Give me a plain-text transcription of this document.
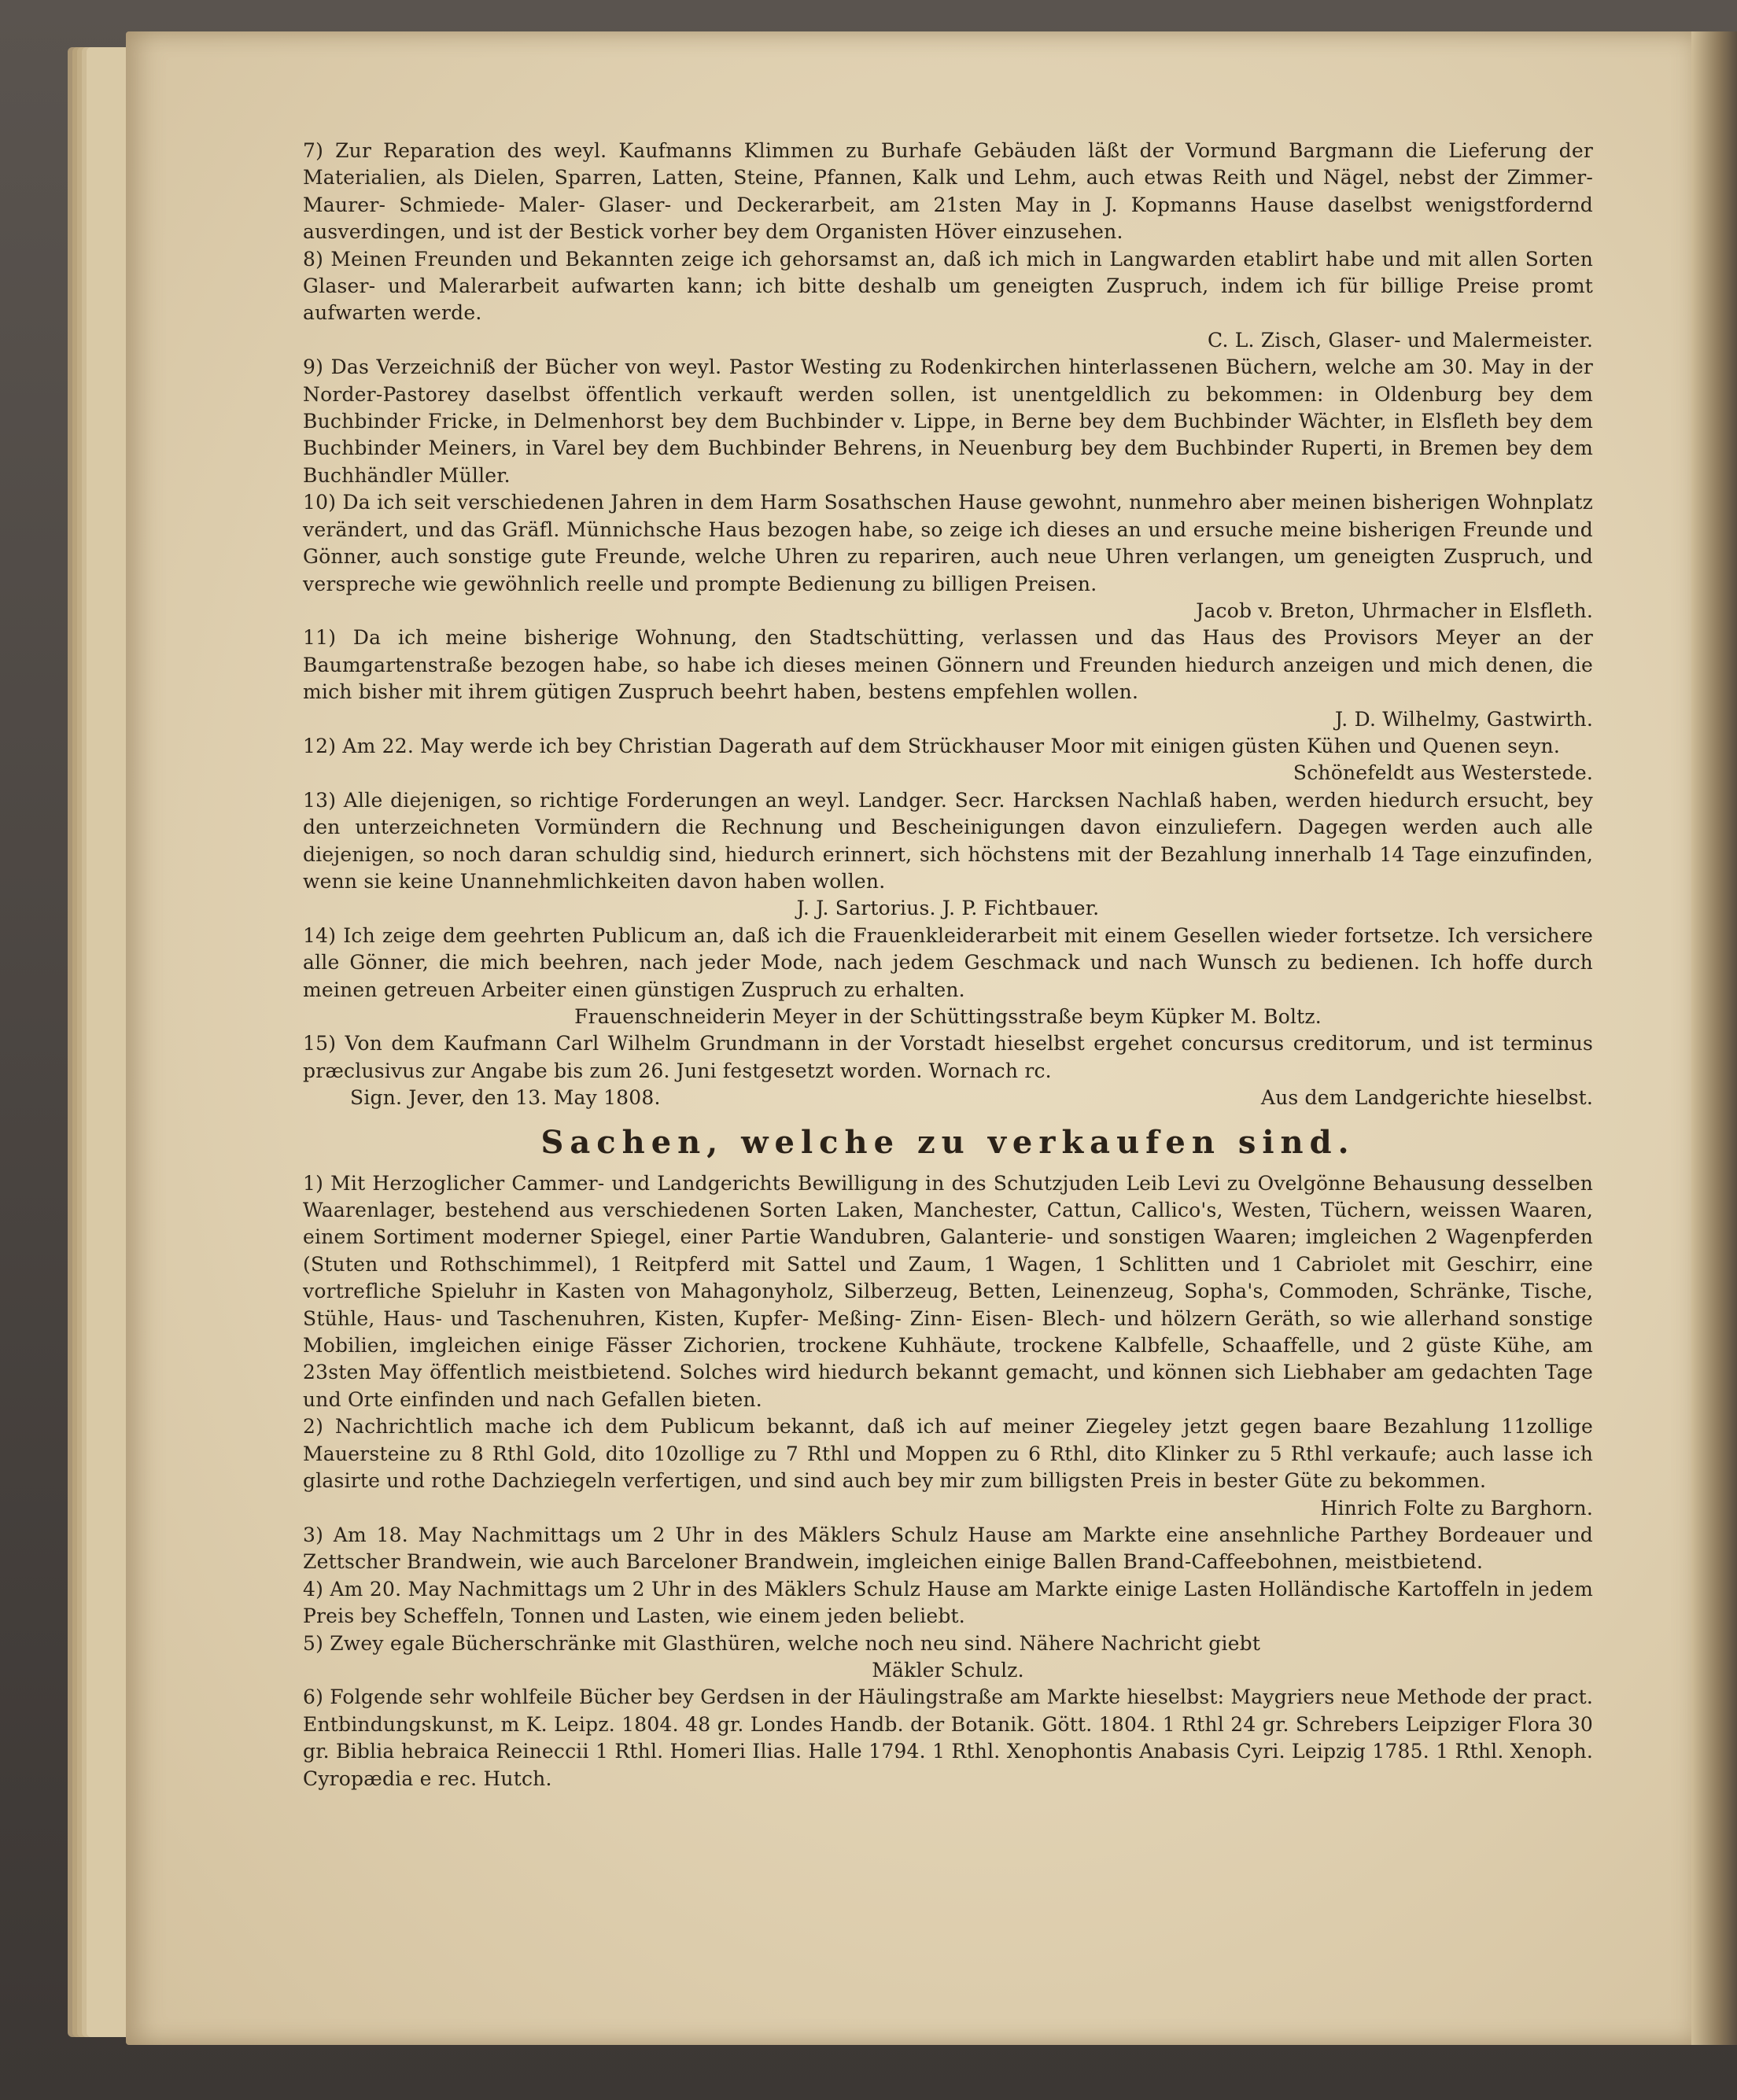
7) Zur Reparation des weyl. Kaufmanns Klimmen zu Burhafe Gebäuden läßt der Vormund Bargmann die Lieferung der Materialien, als Dielen, Sparren, Latten, Steine, Pfannen, Kalk und Lehm, auch etwas Reith und Nägel, nebst der Zimmer- Maurer- Schmiede- Maler- Glaser- und Deckerarbeit, am 21sten May in J. Kopmanns Hause daselbst wenigstfordernd ausverdingen, und ist der Bestick vorher bey dem Organisten Höver einzusehen.

8) Meinen Freunden und Bekannten zeige ich gehorsamst an, daß ich mich in Langwarden etablirt habe und mit allen Sorten Glaser- und Malerarbeit aufwarten kann; ich bitte deshalb um geneigten Zuspruch, indem ich für billige Preise promt aufwarten werde.

C. L. Zisch, Glaser- und Malermeister.

9) Das Verzeichniß der Bücher von weyl. Pastor Westing zu Rodenkirchen hinterlassenen Büchern, welche am 30. May in der Norder-Pastorey daselbst öffentlich verkauft werden sollen, ist unentgeldlich zu bekommen: in Oldenburg bey dem Buchbinder Fricke, in Delmenhorst bey dem Buchbinder v. Lippe, in Berne bey dem Buchbinder Wächter, in Elsfleth bey dem Buchbinder Meiners, in Varel bey dem Buchbinder Behrens, in Neuenburg bey dem Buchbinder Ruperti, in Bremen bey dem Buchhändler Müller.

10) Da ich seit verschiedenen Jahren in dem Harm Sosathschen Hause gewohnt, nunmehro aber meinen bisherigen Wohnplatz verändert, und das Gräfl. Münnichsche Haus bezogen habe, so zeige ich dieses an und ersuche meine bisherigen Freunde und Gönner, auch sonstige gute Freunde, welche Uhren zu repariren, auch neue Uhren verlangen, um geneigten Zuspruch, und verspreche wie gewöhnlich reelle und prompte Bedienung zu billigen Preisen.

Jacob v. Breton, Uhrmacher in Elsfleth.

11) Da ich meine bisherige Wohnung, den Stadtschütting, verlassen und das Haus des Provisors Meyer an der Baumgartenstraße bezogen habe, so habe ich dieses meinen Gönnern und Freunden hiedurch anzeigen und mich denen, die mich bisher mit ihrem gütigen Zuspruch beehrt haben, bestens empfehlen wollen.

J. D. Wilhelmy, Gastwirth.

12) Am 22. May werde ich bey Christian Dagerath auf dem Strückhauser Moor mit einigen güsten Kühen und Quenen seyn.

Schönefeldt aus Westerstede.

13) Alle diejenigen, so richtige Forderungen an weyl. Landger. Secr. Harcksen Nachlaß haben, werden hiedurch ersucht, bey den unterzeichneten Vormündern die Rechnung und Bescheinigungen davon einzuliefern. Dagegen werden auch alle diejenigen, so noch daran schuldig sind, hiedurch erinnert, sich höchstens mit der Bezahlung innerhalb 14 Tage einzufinden, wenn sie keine Unannehmlichkeiten davon haben wollen.

J. J. Sartorius. J. P. Fichtbauer.

14) Ich zeige dem geehrten Publicum an, daß ich die Frauenkleiderarbeit mit einem Gesellen wieder fortsetze. Ich versichere alle Gönner, die mich beehren, nach jeder Mode, nach jedem Geschmack und nach Wunsch zu bedienen. Ich hoffe durch meinen getreuen Arbeiter einen günstigen Zuspruch zu erhalten.

Frauenschneiderin Meyer in der Schüttingsstraße beym Küpker M. Boltz.

15) Von dem Kaufmann Carl Wilhelm Grundmann in der Vorstadt hieselbst ergehet concursus creditorum, und ist terminus præclusivus zur Angabe bis zum 26. Juni festgesetzt worden. Wornach rc.

Sign. Jever, den 13. May 1808.	Aus dem Landgerichte hieselbst.

Sachen, welche zu verkaufen sind.

1) Mit Herzoglicher Cammer- und Landgerichts Bewilligung in des Schutzjuden Leib Levi zu Ovelgönne Behausung desselben Waarenlager, bestehend aus verschiedenen Sorten Laken, Manchester, Cattun, Callico's, Westen, Tüchern, weissen Waaren, einem Sortiment moderner Spiegel, einer Partie Wandubren, Galanterie- und sonstigen Waaren; imgleichen 2 Wagenpferden (Stuten und Rothschimmel), 1 Reitpferd mit Sattel und Zaum, 1 Wagen, 1 Schlitten und 1 Cabriolet mit Geschirr, eine vortrefliche Spieluhr in Kasten von Mahagonyholz, Silberzeug, Betten, Leinenzeug, Sopha's, Commoden, Schränke, Tische, Stühle, Haus- und Taschenuhren, Kisten, Kupfer- Meßing- Zinn- Eisen- Blech- und hölzern Geräth, so wie allerhand sonstige Mobilien, imgleichen einige Fässer Zichorien, trockene Kuhhäute, trockene Kalbfelle, Schaaffelle, und 2 güste Kühe, am 23sten May öffentlich meistbietend. Solches wird hiedurch bekannt gemacht, und können sich Liebhaber am gedachten Tage und Orte einfinden und nach Gefallen bieten.

2) Nachrichtlich mache ich dem Publicum bekannt, daß ich auf meiner Ziegeley jetzt gegen baare Bezahlung 11zollige Mauersteine zu 8 Rthl Gold, dito 10zollige zu 7 Rthl und Moppen zu 6 Rthl, dito Klinker zu 5 Rthl verkaufe; auch lasse ich glasirte und rothe Dachziegeln verfertigen, und sind auch bey mir zum billigsten Preis in bester Güte zu bekommen.

Hinrich Folte zu Barghorn.

3) Am 18. May Nachmittags um 2 Uhr in des Mäklers Schulz Hause am Markte eine ansehnliche Parthey Bordeauer und Zettscher Brandwein, wie auch Barceloner Brandwein, imgleichen einige Ballen Brand-Caffeebohnen, meistbietend.

4) Am 20. May Nachmittags um 2 Uhr in des Mäklers Schulz Hause am Markte einige Lasten Holländische Kartoffeln in jedem Preis bey Scheffeln, Tonnen und Lasten, wie einem jeden beliebt.

5) Zwey egale Bücherschränke mit Glasthüren, welche noch neu sind. Nähere Nachricht giebt

Mäkler Schulz.

6) Folgende sehr wohlfeile Bücher bey Gerdsen in der Häulingstraße am Markte hieselbst: Maygriers neue Methode der pract. Entbindungskunst, m K. Leipz. 1804. 48 gr. Londes Handb. der Botanik. Gött. 1804. 1 Rthl 24 gr. Schrebers Leipziger Flora 30 gr. Biblia hebraica Reineccii 1 Rthl. Homeri Ilias. Halle 1794. 1 Rthl. Xenophontis Anabasis Cyri. Leipzig 1785. 1 Rthl. Xenoph. Cyropædia e rec. Hutch.
